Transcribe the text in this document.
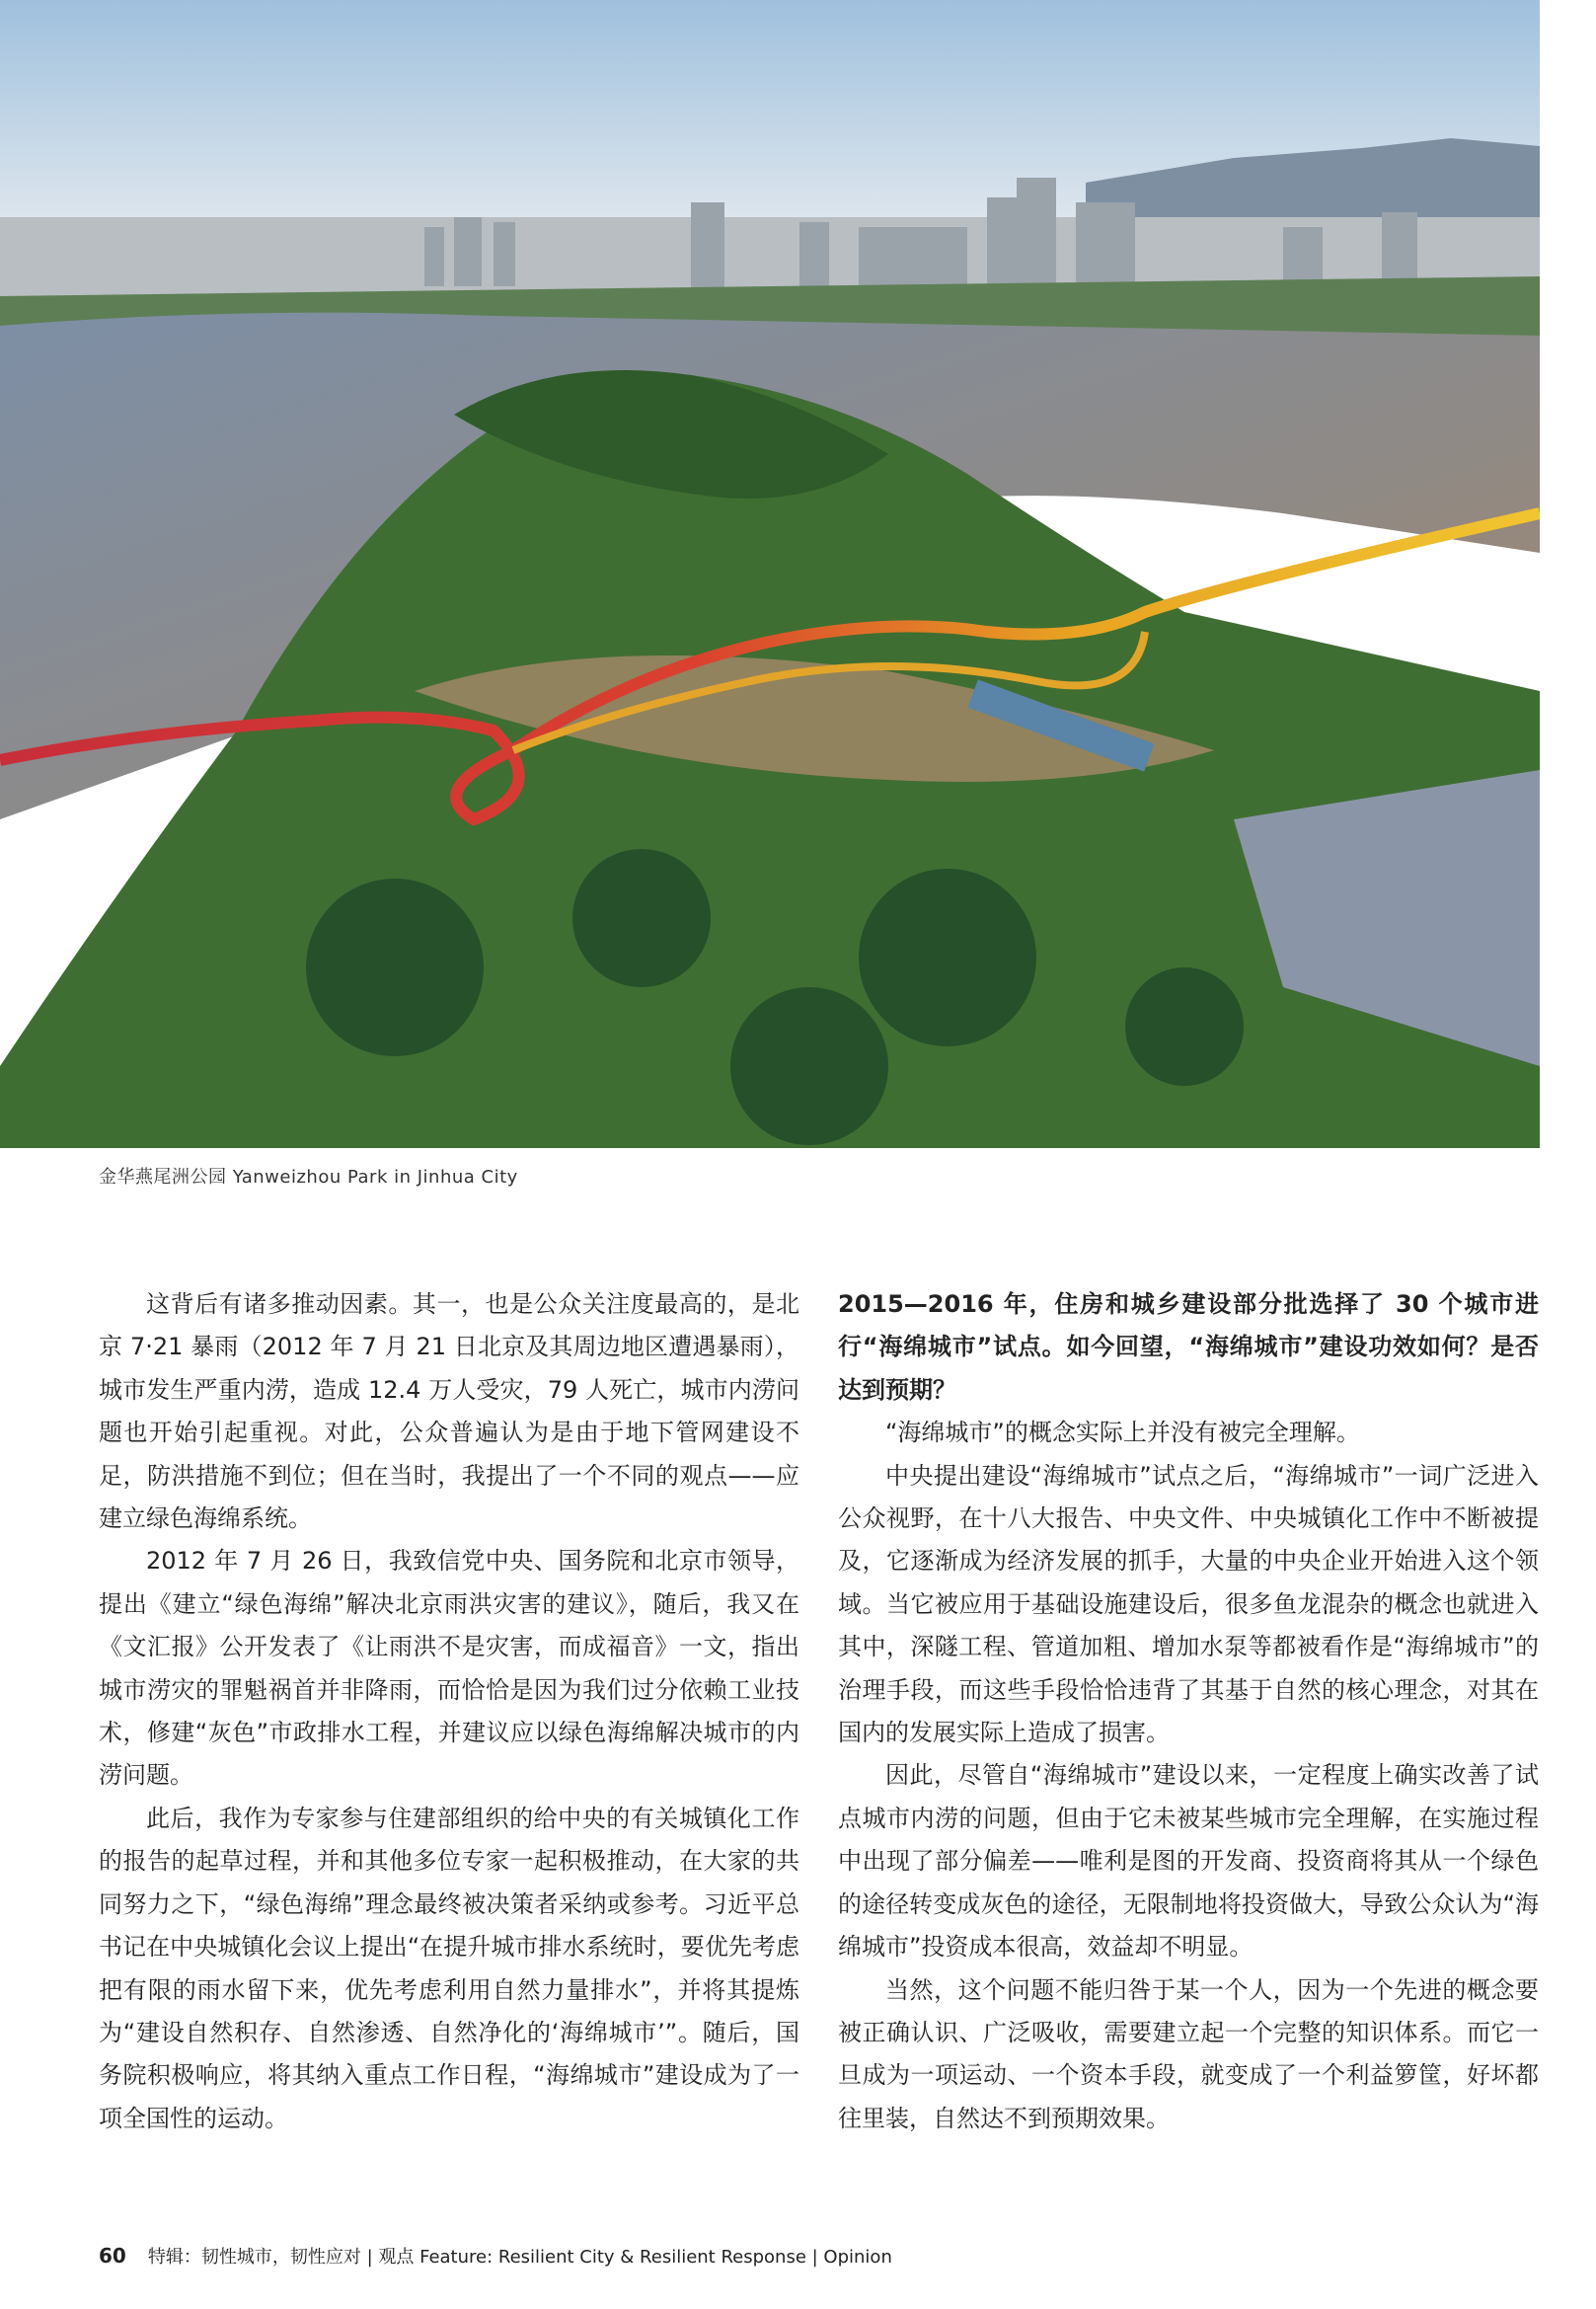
金华燕尾洲公园 Yanweizhou Park in Jinhua City

这背后有诸多推动因素。其一，也是公众关注度最高的，是北京 7·21 暴雨（2012 年 7 月 21 日北京及其周边地区遭遇暴雨），城市发生严重内涝，造成 12.4 万人受灾，79 人死亡，城市内涝问题也开始引起重视。对此，公众普遍认为是由于地下管网建设不足，防洪措施不到位；但在当时，我提出了一个不同的观点——应建立绿色海绵系统。

2012 年 7 月 26 日，我致信党中央、国务院和北京市领导，提出《建立“绿色海绵”解决北京雨洪灾害的建议》，随后，我又在《文汇报》公开发表了《让雨洪不是灾害，而成福音》一文，指出城市涝灾的罪魁祸首并非降雨，而恰恰是因为我们过分依赖工业技术，修建“灰色”市政排水工程，并建议应以绿色海绵解决城市的内涝问题。

此后，我作为专家参与住建部组织的给中央的有关城镇化工作的报告的起草过程，并和其他多位专家一起积极推动，在大家的共同努力之下，“绿色海绵”理念最终被决策者采纳或参考。习近平总书记在中央城镇化会议上提出“在提升城市排水系统时，要优先考虑把有限的雨水留下来，优先考虑利用自然力量排水”，并将其提炼为“建设自然积存、自然渗透、自然净化的‘海绵城市’”。随后，国务院积极响应，将其纳入重点工作日程，“海绵城市”建设成为了一项全国性的运动。

2015—2016 年，住房和城乡建设部分批选择了 30 个城市进行“海绵城市”试点。如今回望，“海绵城市”建设功效如何？是否达到预期？

“海绵城市”的概念实际上并没有被完全理解。

中央提出建设“海绵城市”试点之后，“海绵城市”一词广泛进入公众视野，在十八大报告、中央文件、中央城镇化工作中不断被提及，它逐渐成为经济发展的抓手，大量的中央企业开始进入这个领域。当它被应用于基础设施建设后，很多鱼龙混杂的概念也就进入其中，深隧工程、管道加粗、增加水泵等都被看作是“海绵城市”的治理手段，而这些手段恰恰违背了其基于自然的核心理念，对其在国内的发展实际上造成了损害。

因此，尽管自“海绵城市”建设以来，一定程度上确实改善了试点城市内涝的问题，但由于它未被某些城市完全理解，在实施过程中出现了部分偏差——唯利是图的开发商、投资商将其从一个绿色的途径转变成灰色的途径，无限制地将投资做大，导致公众认为“海绵城市”投资成本很高，效益却不明显。

当然，这个问题不能归咎于某一个人，因为一个先进的概念要被正确认识、广泛吸收，需要建立起一个完整的知识体系。而它一旦成为一项运动、一个资本手段，就变成了一个利益箩筐，好坏都往里装，自然达不到预期效果。

60 特辑：韧性城市，韧性应对 | 观点 Feature: Resilient City & Resilient Response | Opinion
